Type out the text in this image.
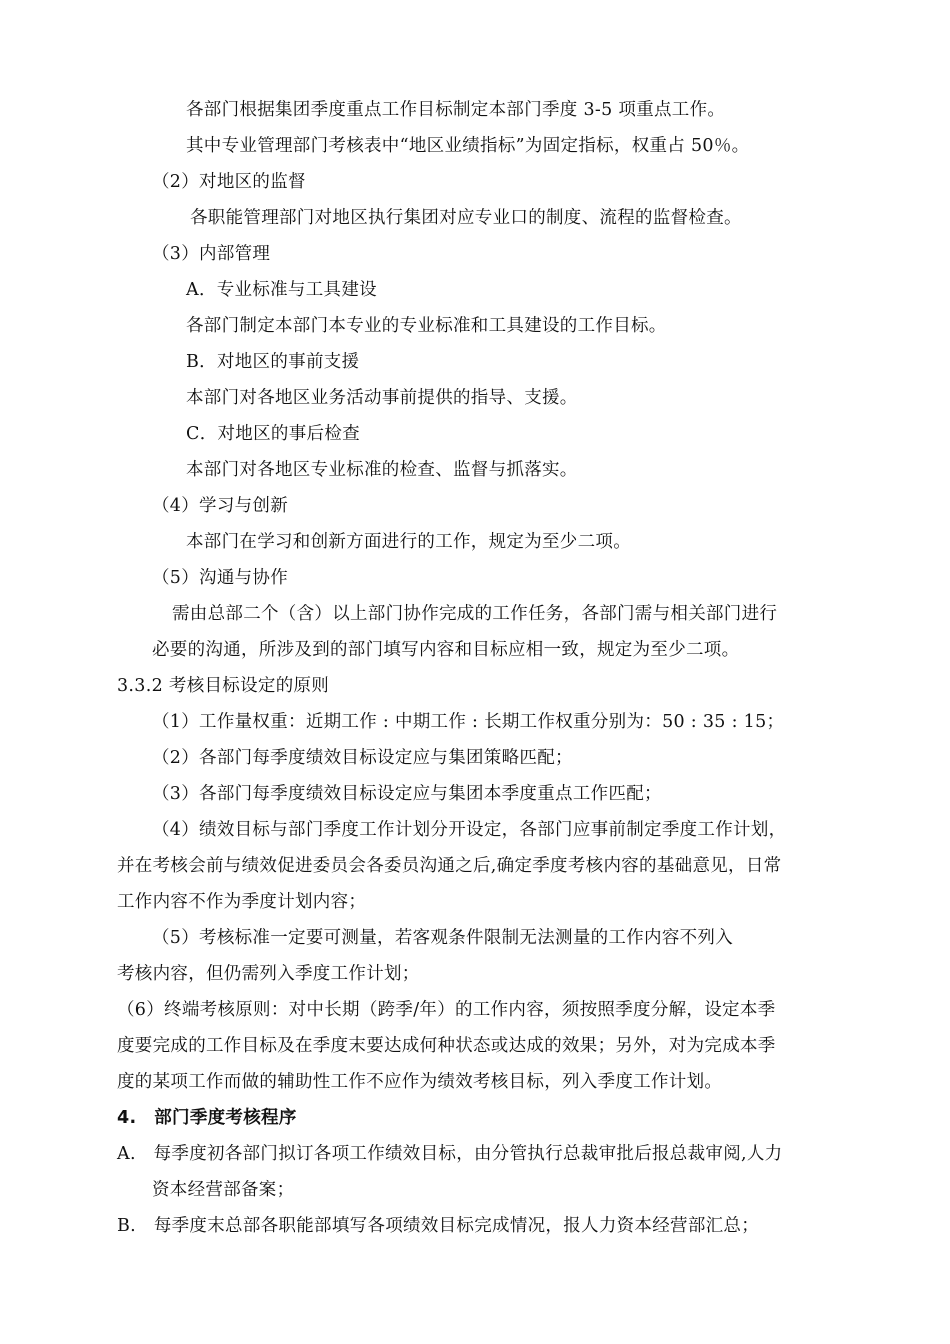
各部门根据集团季度重点工作目标制定本部门季度 3-5 项重点工作。
其中专业管理部门考核表中“地区业绩指标”为固定指标，权重占 50％。
（2）对地区的监督
各职能管理部门对地区执行集团对应专业口的制度、流程的监督检查。
（3）内部管理
A．专业标准与工具建设
各部门制定本部门本专业的专业标准和工具建设的工作目标。
B．对地区的事前支援
本部门对各地区业务活动事前提供的指导、支援。
C．对地区的事后检查
本部门对各地区专业标准的检查、监督与抓落实。
（4）学习与创新
本部门在学习和创新方面进行的工作，规定为至少二项。
（5）沟通与协作
需由总部二个（含）以上部门协作完成的工作任务，各部门需与相关部门进行
必要的沟通，所涉及到的部门填写内容和目标应相一致，规定为至少二项。
3.3.2 考核目标设定的原则
（1）工作量权重：近期工作 : 中期工作 : 长期工作权重分别为：50 : 35 : 15；
（2）各部门每季度绩效目标设定应与集团策略匹配；
（3）各部门每季度绩效目标设定应与集团本季度重点工作匹配；
（4）绩效目标与部门季度工作计划分开设定，各部门应事前制定季度工作计划，
并在考核会前与绩效促进委员会各委员沟通之后,确定季度考核内容的基础意见，日常
工作内容不作为季度计划内容；
（5）考核标准一定要可测量，若客观条件限制无法测量的工作内容不列入
考核内容，但仍需列入季度工作计划；
（6）终端考核原则：对中长期（跨季/年）的工作内容，须按照季度分解，设定本季
度要完成的工作目标及在季度末要达成何种状态或达成的效果；另外，对为完成本季
度的某项工作而做的辅助性工作不应作为绩效考核目标，列入季度工作计划。
4.　部门季度考核程序
A.　每季度初各部门拟订各项工作绩效目标，由分管执行总裁审批后报总裁审阅,人力
资本经营部备案；
B.　每季度末总部各职能部填写各项绩效目标完成情况，报人力资本经营部汇总；
